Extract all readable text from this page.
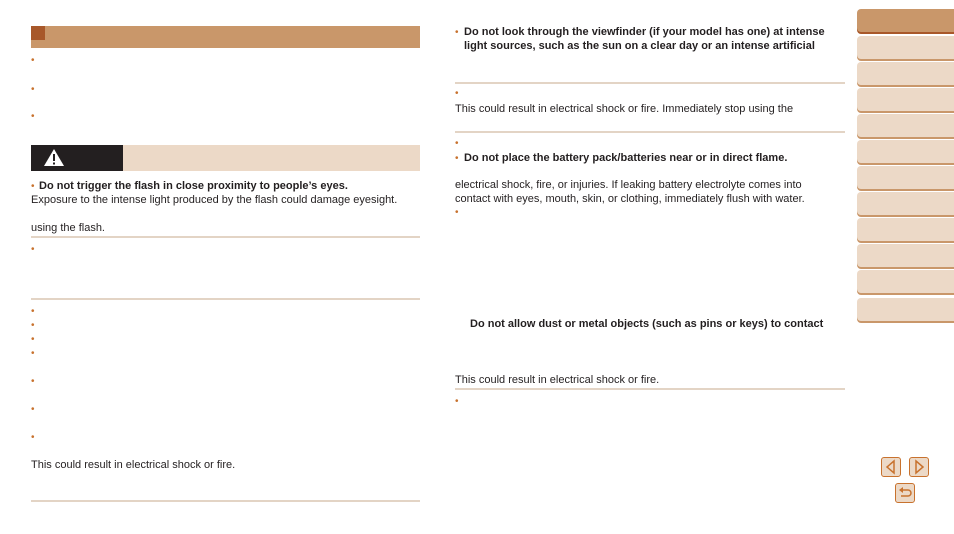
•
•
•
• Do not trigger the flash in close proximity to people’s eyes.
Exposure to the intense light produced by the flash could damage eyesight.
using the flash.
•
•
•
•
•
•
•
•
This could result in electrical shock or fire.
• Do not look through the viewfinder (if your model has one) at intense
light sources, such as the sun on a clear day or an intense artificial
•
This could result in electrical shock or fire. Immediately stop using the
•
• Do not place the battery pack/batteries near or in direct flame.
electrical shock, fire, or injuries. If leaking battery electrolyte comes into
contact with eyes, mouth, skin, or clothing, immediately flush with water.
•
Do not allow dust or metal objects (such as pins or keys) to contact
This could result in electrical shock or fire.
•
